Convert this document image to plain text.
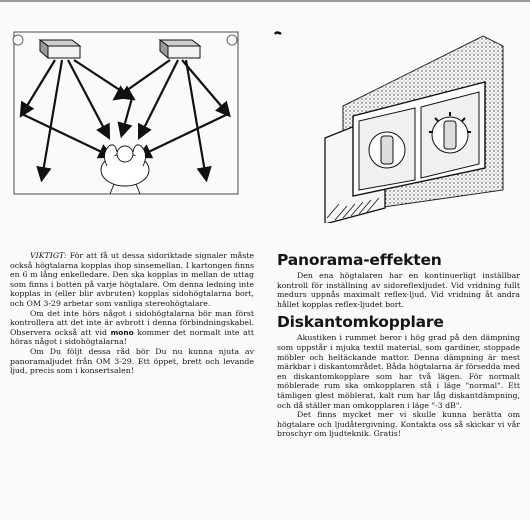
VIKTIGT: För att få ut dessa sidoriktade signaler måste också högtalarna kopplas ihop sinsemellan. I kartongen finns en 6 m lång enkelledare. Den ska kopplas in mellan de uttag som finns i botten på varje högtalare. Om denna ledning inte kopplas in (eller blir avbruten) kopplas sidohögtalarna bort, och OM 3-29 arbetar som vanliga stereohögtalare.

Om det inte hörs något i sidohögtalarna bör man först kontrollera att det inte är avbrott i denna förbindningskabel. Observera också att vid mono kommer det normalt inte att höras något i sidohögtalarna!

Om Du följt dessa råd bör Du nu kunna njuta av panoramaljudet från OM 3-29. Ett öppet, brett och levande ljud, precis som i konsertsalen!

Panorama-effekten

Den ena högtalaren har en kontinuerligt inställbar kontroll för inställning av sidoreflexljudet. Vid vridning fullt medurs uppnås maximalt reflex-ljud. Vid vridning åt andra hållet kopplas reflex-ljudet bort.

Diskantomkopplare

Akustiken i rummet beror i hög grad på den dämpning som uppstår i mjuka textil material, som gardiner, stoppade möbler och heltäckande mattor. Denna dämpning är mest märkbar i diskantområdet. Båda högtalarna är försedda med en diskantomkopplare som har två lägen. För normalt möblerade rum ska omkopplaren stå i läge "normal". Ett tämligen glest möblerat, kalt rum har låg diskantdämpning, och då ställer man omkopplaren i läge "-3 dB".

Det finns mycket mer vi skulle kunna berätta om högtalare och ljudåtergivning. Kontakta oss så skickar vi vår broschyr om ljudteknik. Gratis!
